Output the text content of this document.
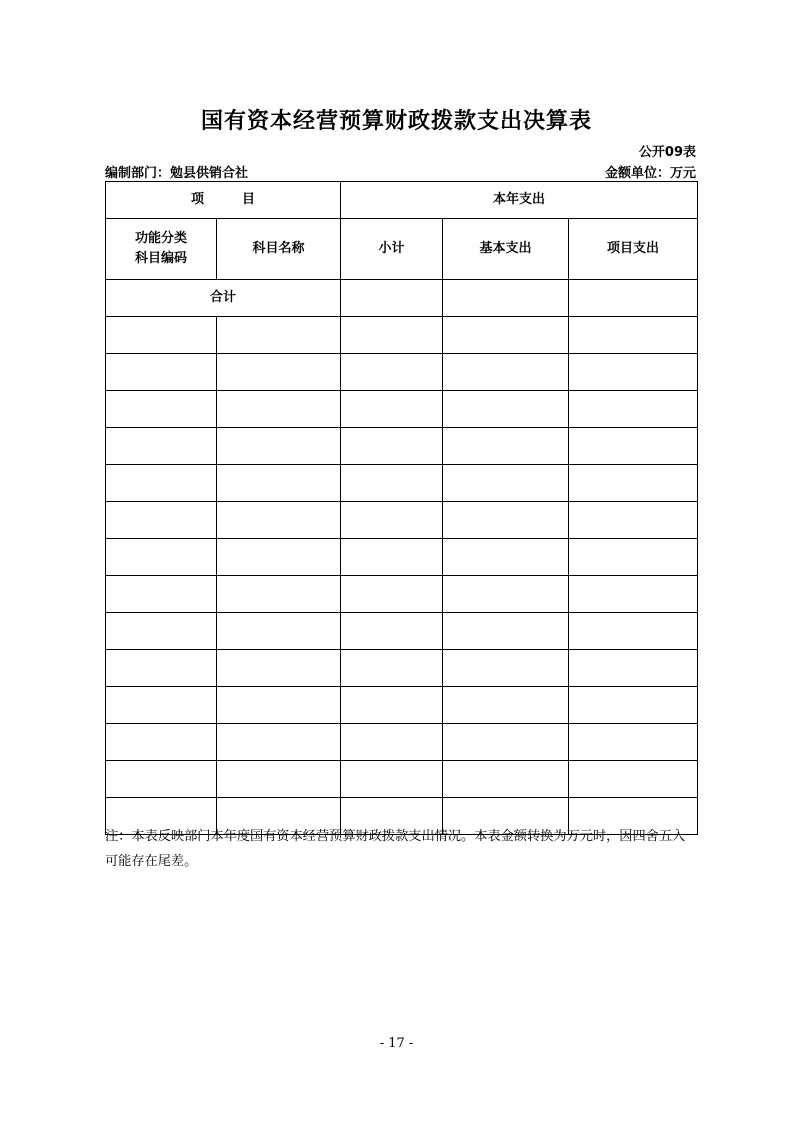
国有资本经营预算财政拨款支出决算表
公开09表
编制部门：勉县供销合社	金额单位：万元
项 目		本年支出		
功能分类
科目编码	科目名称	小计	基本支出	项目支出
合计				

注：本表反映部门本年度国有资本经营预算财政拨款支出情况。本表金额转换为万元时，因四舍五入可能存在尾差。
- 17 -
